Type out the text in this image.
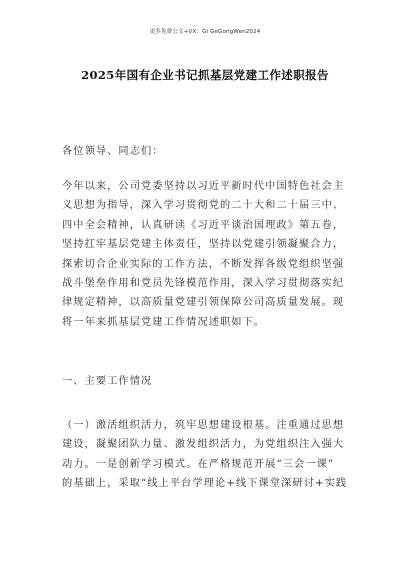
更多免费公文+VX：Gi GeGongWen2024
2025年国有企业书记抓基层党建工作述职报告
各位领导、同志们：
今年以来，公司党委坚持以习近平新时代中国特色社会主
义思想为指导，深入学习贯彻党的二十大和二十届三中、
四中全会精神，认真研读《习近平谈治国理政》第五卷，
坚持扛牢基层党建主体责任，坚持以党建引领凝聚合力，
探索切合企业实际的工作方法，不断发挥各级党组织坚强
战斗堡垒作用和党员先锋模范作用，深入学习贯彻落实纪
律规定精神，以高质量党建引领保障公司高质量发展。现
将一年来抓基层党建工作情况述职如下。
一、主要工作情况
（一）激活组织活力，筑牢思想建设根基。注重通过思想
建设，凝聚团队力量、激发组织活力，为党组织注入强大
动力。一是创新学习模式。在严格规范开展“三会一课”
的基础上，采取“线上平台学理论+线下课堂深研讨+实践
